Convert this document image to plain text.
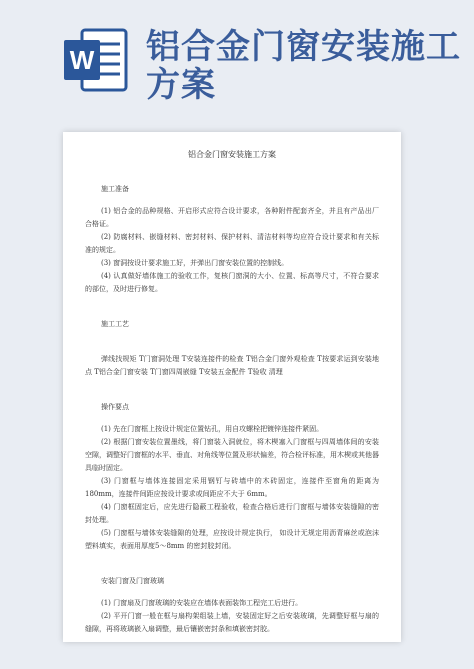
W 铝合金门窗安装施工方案
铝合金门窗安装施工方案
施工准备
(1) 铝合金的品种规格、开启形式应符合设计要求，各种附件配套齐全，并且有产品出厂合格证。
(2) 防腐材料、嵌缝材料、密封材料、保护材料、清洁材料等均应符合设计要求和有关标准的规定。
(3) 窗洞按设计要求施工好，并弹出门窗安装位置的控制线。
(4) 认真做好墙体施工的验收工作，复核门窗洞的大小、位置、标高等尺寸，不符合要求的部位，及时进行修复。
施工工艺
弹线找规矩 T门窗洞处理 T安装连接件的检查 T铝合金门窗外观检查 T按要求运到安装地点 T铝合金门窗安装 T门窗四周嵌缝 T安装五金配件 T验收 清理
操作要点
(1) 先在门窗框上按设计规定位置钻孔，用自攻螺栓把镀锌连接件紧固。
(2) 根据门窗安装位置墨线，将门窗装入洞就位，将木楔塞入门窗框与四周墙体间的安装空隙，调整好门窗框的水平、垂直、对角线等位置及形状偏差，符合检评标准，用木楔或其他器具临时固定。
(3) 门窗框与墙体连接固定采用钢钉与砖墙中的木砖固定，连接件至窗角的距离为 180mm，连接件间距应按设计要求或间距应不大于 6mm。
(4) 门窗框固定后，应先进行隐蔽工程验收，检查合格后进行门窗框与墙体安装缝隙的密封处理。
(5) 门窗框与墙体安装缝隙的处理，应按设计规定执行， 如设计无规定用沥青麻丝或泡沫塑料填实，表面用厚度5～8mm 的密封胶封闭。
安装门窗及门窗玻璃
(1) 门窗扇及门窗玻璃的安装应在墙体表面装饰工程完工后进行。
(2) 平开门窗一般在框与扇构架组装上墙，安装固定好之后安装玻璃，先调整好框与扇的缝隙，再将玻璃嵌入扇调整，最后镶嵌密封条和填嵌密封胶。
